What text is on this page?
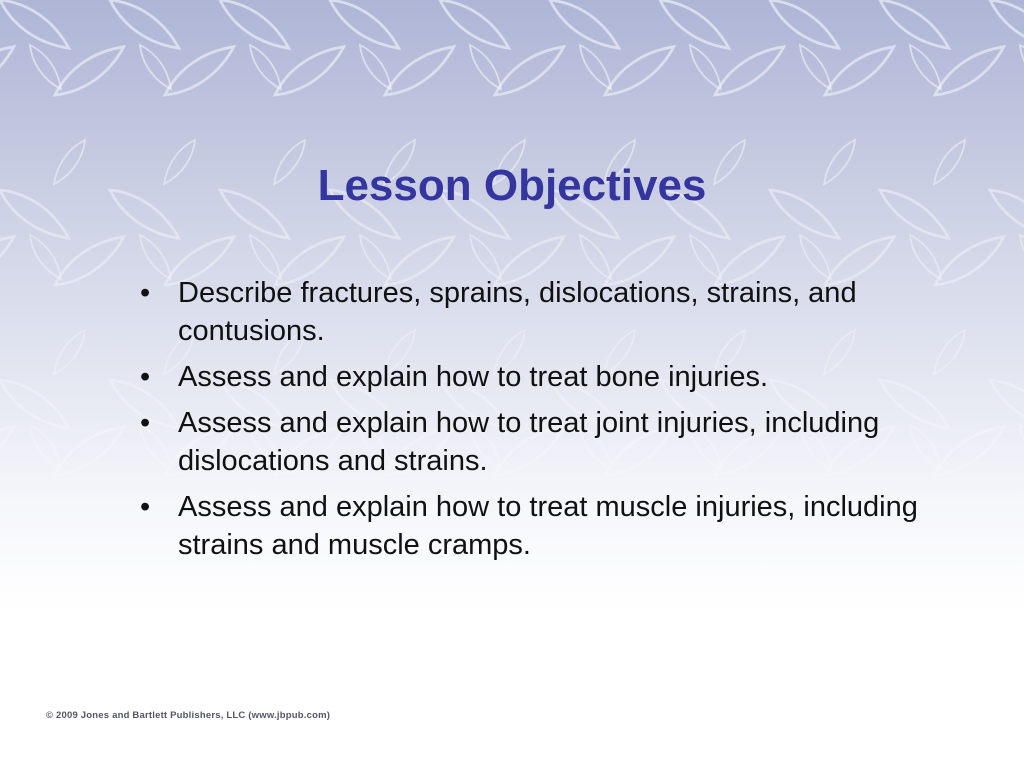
Lesson Objectives
• Describe fractures, sprains, dislocations, strains, and contusions.
• Assess and explain how to treat bone injuries.
• Assess and explain how to treat joint injuries, including dislocations and strains.
• Assess and explain how to treat muscle injuries, including strains and muscle cramps.
© 2009 Jones and Bartlett Publishers, LLC (www.jbpub.com)
